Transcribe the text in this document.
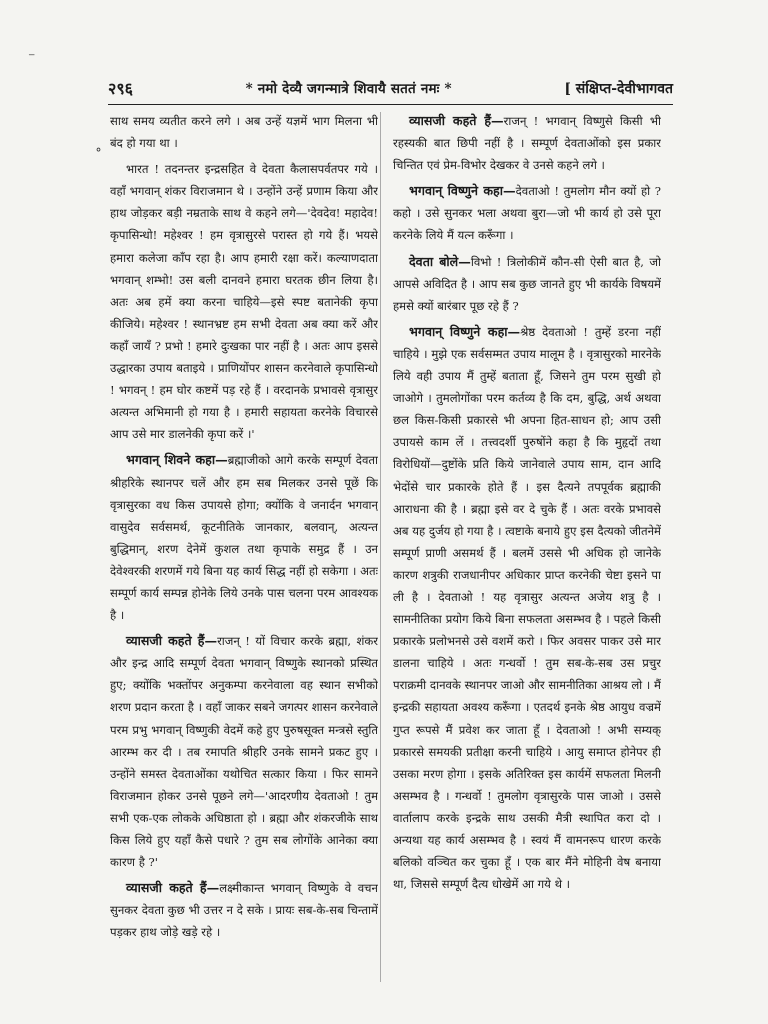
⁻
˚
२९६	* नमो देव्यै जगन्मात्रे शिवायै सततं नमः *	[ संक्षिप्त-देवीभागवत

साथ समय व्यतीत करने लगे । अब उन्हें यज्ञमें भाग मिलना भी बंद हो गया था ।

भारत ! तदनन्तर इन्द्रसहित वे देवता कैलासपर्वतपर गये । वहाँ भगवान् शंकर विराजमान थे । उन्होंने उन्हें प्रणाम किया और हाथ जोड़कर बड़ी नम्रताके साथ वे कहने लगे—'देवदेव! महादेव! कृपासिन्धो! महेश्वर ! हम वृत्रासुरसे परास्त हो गये हैं। भयसे हमारा कलेजा काँप रहा है। आप हमारी रक्षा करें। कल्याणदाता भगवान् शम्भो! उस बली दानवने हमारा घरतक छीन लिया है। अतः अब हमें क्या करना चाहिये—इसे स्पष्ट बतानेकी कृपा कीजिये। महेश्वर ! स्थानभ्रष्ट हम सभी देवता अब क्या करें और कहाँ जायँ ? प्रभो ! हमारे दुःखका पार नहीं है । अतः आप इससे उद्धारका उपाय बताइये । प्राणियोंपर शासन करनेवाले कृपासिन्धो ! भगवन् ! हम घोर कष्टमें पड़ रहे हैं । वरदानके प्रभावसे वृत्रासुर अत्यन्त अभिमानी हो गया है । हमारी सहायता करनेके विचारसे आप उसे मार डालनेकी कृपा करें ।'

भगवान् शिवने कहा—ब्रह्माजीको आगे करके सम्पूर्ण देवता श्रीहरिके स्थानपर चलें और हम सब मिलकर उनसे पूछें कि वृत्रासुरका वध किस उपायसे होगा; क्योंकि वे जनार्दन भगवान् वासुदेव सर्वसमर्थ, कूटनीतिके जानकार, बलवान्, अत्यन्त बुद्धिमान्, शरण देनेमें कुशल तथा कृपाके समुद्र हैं । उन देवेश्वरकी शरणमें गये बिना यह कार्य सिद्ध नहीं हो सकेगा । अतः सम्पूर्ण कार्य सम्पन्न होनेके लिये उनके पास चलना परम आवश्यक है ।

व्यासजी कहते हैं—राजन् ! यों विचार करके ब्रह्मा, शंकर और इन्द्र आदि सम्पूर्ण देवता भगवान् विष्णुके स्थानको प्रस्थित हुए; क्योंकि भक्तोंपर अनुकम्पा करनेवाला वह स्थान सभीको शरण प्रदान करता है । वहाँ जाकर सबने जगत्पर शासन करनेवाले परम प्रभु भगवान् विष्णुकी वेदमें कहे हुए पुरुषसूक्त मन्त्रसे स्तुति आरम्भ कर दी । तब रमापति श्रीहरि उनके सामने प्रकट हुए । उन्होंने समस्त देवताओंका यथोचित सत्कार किया । फिर सामने विराजमान होकर उनसे पूछने लगे—'आदरणीय देवताओ ! तुम सभी एक-एक लोकके अधिष्ठाता हो । ब्रह्मा और शंकरजीके साथ किस लिये हुए यहाँ कैसे पधारे ? तुम सब लोगोंके आनेका क्या कारण है ?'

व्यासजी कहते हैं—लक्ष्मीकान्त भगवान् विष्णुके वे वचन सुनकर देवता कुछ भी उत्तर न दे सके । प्रायः सब-के-सब चिन्तामें पड़कर हाथ जोड़े खड़े रहे ।

व्यासजी कहते हैं—राजन् ! भगवान् विष्णुसे किसी भी रहस्यकी बात छिपी नहीं है । सम्पूर्ण देवताओंको इस प्रकार चिन्तित एवं प्रेम-विभोर देखकर वे उनसे कहने लगे ।

भगवान् विष्णुने कहा—देवताओ ! तुमलोग मौन क्यों हो ? कहो । उसे सुनकर भला अथवा बुरा—जो भी कार्य हो उसे पूरा करनेके लिये मैं यत्न करूँगा ।

देवता बोले—विभो ! त्रिलोकीमें कौन-सी ऐसी बात है, जो आपसे अविदित है । आप सब कुछ जानते हुए भी कार्यके विषयमें हमसे क्यों बारंबार पूछ रहे हैं ?

भगवान् विष्णुने कहा—श्रेष्ठ देवताओ ! तुम्हें डरना नहीं चाहिये । मुझे एक सर्वसम्मत उपाय मालूम है । वृत्रासुरको मारनेके लिये वही उपाय मैं तुम्हें बताता हूँ, जिसने तुम परम सुखी हो जाओगे । तुमलोगोंका परम कर्तव्य है कि दम, बुद्धि, अर्थ अथवा छल किस-किसी प्रकारसे भी अपना हित-साधन हो; आप उसी उपायसे काम लें । तत्त्वदर्शी पुरुषोंने कहा है कि मुहृदों तथा विरोधियों—दुष्टोंके प्रति किये जानेवाले उपाय साम, दान आदि भेदोंसे चार प्रकारके होते हैं । इस दैत्यने तपपूर्वक ब्रह्माकी आराधना की है । ब्रह्मा इसे वर दे चुके हैं । अतः वरके प्रभावसे अब यह दुर्जय हो गया है । त्वष्टाके बनाये हुए इस दैत्यको जीतनेमें सम्पूर्ण प्राणी असमर्थ हैं । बलमें उससे भी अधिक हो जानेके कारण शत्रुकी राजधानीपर अधिकार प्राप्त करनेकी चेष्टा इसने पा ली है । देवताओ ! यह वृत्रासुर अत्यन्त अजेय शत्रु है । सामनीतिका प्रयोग किये बिना सफलता असम्भव है । पहले किसी प्रकारके प्रलोभनसे उसे वशमें करो । फिर अवसर पाकर उसे मार डालना चाहिये । अतः गन्धर्वो ! तुम सब-के-सब उस प्रचुर पराक्रमी दानवके स्थानपर जाओ और सामनीतिका आश्रय लो । मैं इन्द्रकी सहायता अवश्य करूँगा । एतदर्थ इनके श्रेष्ठ आयुध वज्रमें गुप्त रूपसे मैं प्रवेश कर जाता हूँ । देवताओ ! अभी सम्यक् प्रकारसे समयकी प्रतीक्षा करनी चाहिये । आयु समाप्त होनेपर ही उसका मरण होगा । इसके अतिरिक्त इस कार्यमें सफलता मिलनी असम्भव है । गन्धर्वो ! तुमलोग वृत्रासुरके पास जाओ । उससे वार्तालाप करके इन्द्रके साथ उसकी मैत्री स्थापित करा दो । अन्यथा यह कार्य असम्भव है । स्वयं मैं वामनरूप धारण करके बलिको वञ्चित कर चुका हूँ । एक बार मैंने मोहिनी वेष बनाया था, जिससे सम्पूर्ण दैत्य धोखेमें आ गये थे ।
